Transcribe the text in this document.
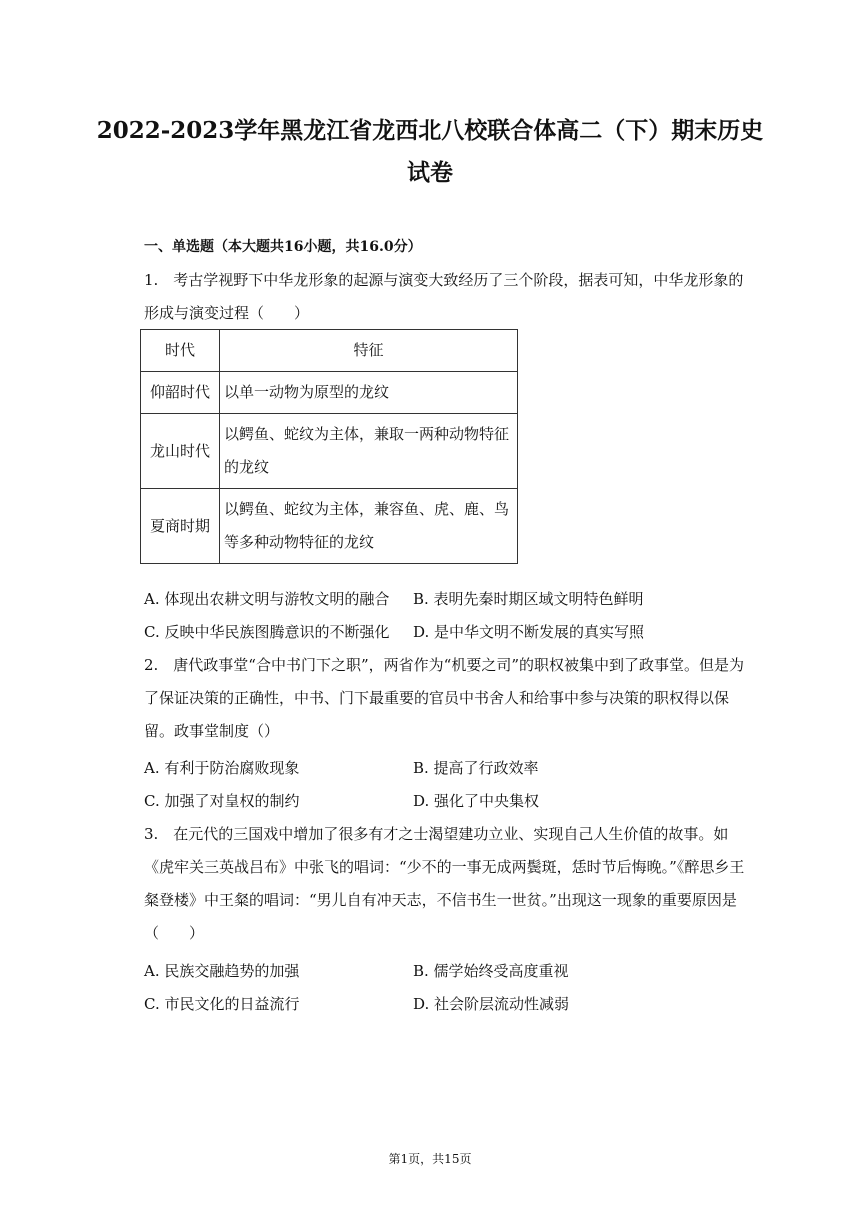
2022-2023学年黑龙江省龙西北八校联合体高二（下）期末历史
试卷
一、单选题（本大题共16小题，共16.0分）
1.　考古学视野下中华龙形象的起源与演变大致经历了三个阶段，据表可知，中华龙形象的形成与演变过程（　　）
时代	特征
仰韶时代	以单一动物为原型的龙纹
龙山时代	以鳄鱼、蛇纹为主体，兼取一两种动物特征的龙纹
夏商时期	以鳄鱼、蛇纹为主体，兼容鱼、虎、鹿、鸟等多种动物特征的龙纹
A. 体现出农耕文明与游牧文明的融合 B. 表明先秦时期区域文明特色鲜明
C. 反映中华民族图腾意识的不断强化 D. 是中华文明不断发展的真实写照
2.　唐代政事堂“合中书门下之职”，两省作为“机要之司”的职权被集中到了政事堂。但是为了保证决策的正确性，中书、门下最重要的官员中书舍人和给事中参与决策的职权得以保留。政事堂制度（）
A. 有利于防治腐败现象	B. 提高了行政效率
C. 加强了对皇权的制约	D. 强化了中央集权
3.　在元代的三国戏中增加了很多有才之士渴望建功立业、实现自己人生价值的故事。如《虎牢关三英战吕布》中张飞的唱词：“少不的一事无成两鬓斑，恁时节后悔晚。”《醉思乡王粲登楼》中王粲的唱词：“男儿自有冲天志，不信书生一世贫。”出现这一现象的重要原因是（　　）
A. 民族交融趋势的加强	B. 儒学始终受高度重视
C. 市民文化的日益流行	D. 社会阶层流动性减弱
第1页，共15页
